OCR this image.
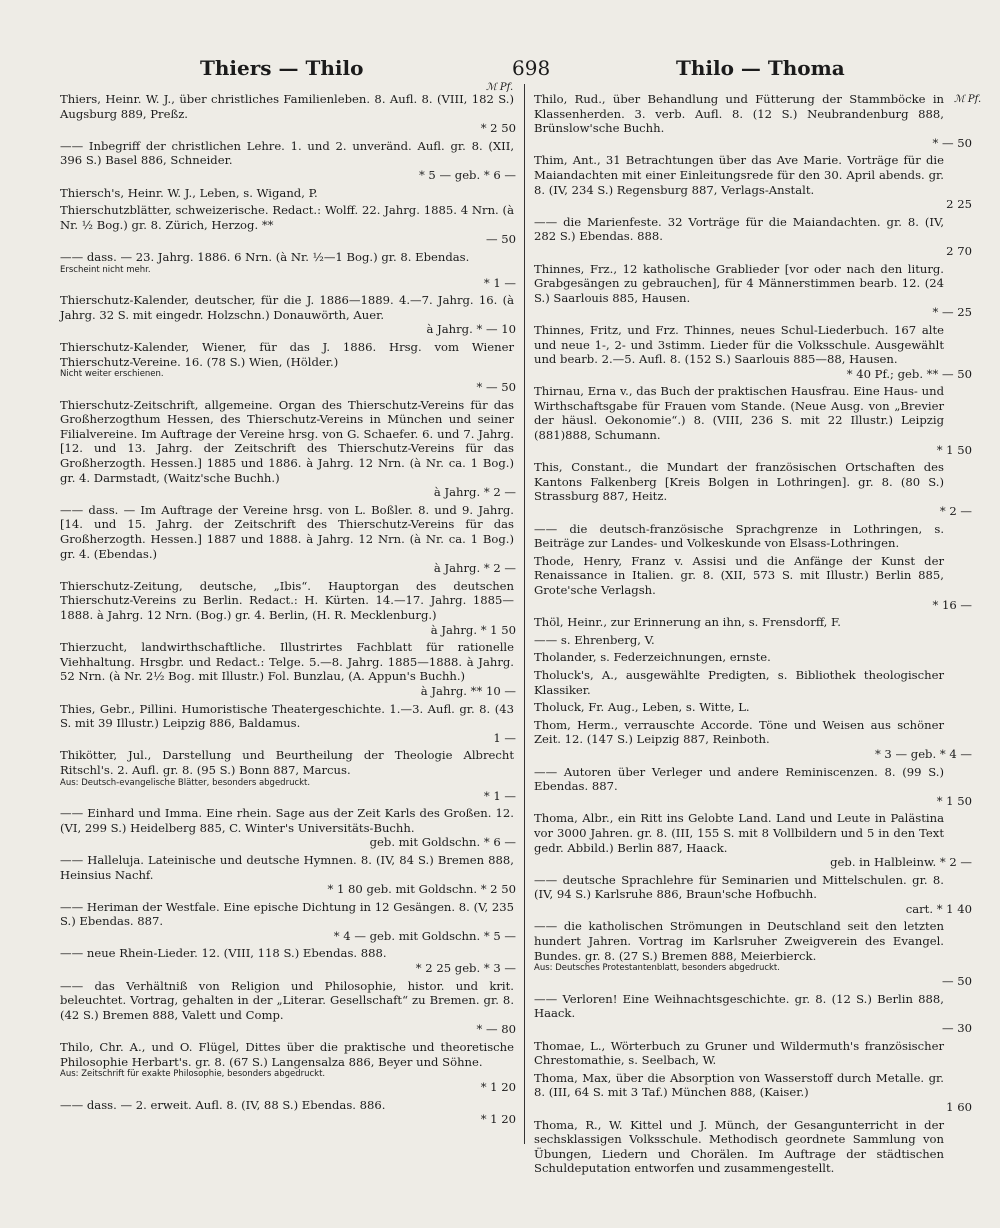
Thiers — Thilo	698	Thilo — Thoma
ℳ Pf.
ℳ Pf.
Thiers, Heinr. W. J., über christliches Familienleben. 8. Aufl. 8. (VIII, 182 S.) Augsburg 889, Preßz.
* 2 50
—— Inbegriff der christlichen Lehre. 1. und 2. unveränd. Aufl. gr. 8. (XII, 396 S.) Basel 886, Schneider.
* 5 — geb. * 6 —
Thiersch's, Heinr. W. J., Leben, s. Wigand, P.
Thierschutzblätter, schweizerische. Redact.: Wolff. 22. Jahrg. 1885. 4 Nrn. (à Nr. ½ Bog.) gr. 8. Zürich, Herzog. **
— 50
—— dass. — 23. Jahrg. 1886. 6 Nrn. (à Nr. ½—1 Bog.) gr. 8. Ebendas.
Erscheint nicht mehr.
* 1 —
Thierschutz-Kalender, deutscher, für die J. 1886—1889. 4.—7. Jahrg. 16. (à Jahrg. 32 S. mit eingedr. Holzschn.) Donauwörth, Auer.
à Jahrg. * — 10
Thierschutz-Kalender, Wiener, für das J. 1886. Hrsg. vom Wiener Thierschutz-Vereine. 16. (78 S.) Wien, (Hölder.)
Nicht weiter erschienen.
* — 50
Thierschutz-Zeitschrift, allgemeine. Organ des Thierschutz-Vereins für das Großherzogthum Hessen, des Thierschutz-Vereins in München und seiner Filialvereine. Im Auftrage der Vereine hrsg. von G. Schaefer. 6. und 7. Jahrg. [12. und 13. Jahrg. der Zeitschrift des Thierschutz-Vereins für das Großherzogth. Hessen.] 1885 und 1886. à Jahrg. 12 Nrn. (à Nr. ca. 1 Bog.) gr. 4. Darmstadt, (Waitz'sche Buchh.)
à Jahrg. * 2 —
—— dass. — Im Auftrage der Vereine hrsg. von L. Boßler. 8. und 9. Jahrg. [14. und 15. Jahrg. der Zeitschrift des Thierschutz-Vereins für das Großherzogth. Hessen.] 1887 und 1888. à Jahrg. 12 Nrn. (à Nr. ca. 1 Bog.) gr. 4. (Ebendas.)
à Jahrg. * 2 —
Thierschutz-Zeitung, deutsche, „Ibis“. Hauptorgan des deutschen Thierschutz-Vereins zu Berlin. Redact.: H. Kürten. 14.—17. Jahrg. 1885—1888. à Jahrg. 12 Nrn. (Bog.) gr. 4. Berlin, (H. R. Mecklenburg.)
à Jahrg. * 1 50
Thierzucht, landwirthschaftliche. Illustrirtes Fachblatt für rationelle Viehhaltung. Hrsgbr. und Redact.: Telge. 5.—8. Jahrg. 1885—1888. à Jahrg. 52 Nrn. (à Nr. 2½ Bog. mit Illustr.) Fol. Bunzlau, (A. Appun's Buchh.)
à Jahrg. ** 10 —
Thies, Gebr., Pillini. Humoristische Theatergeschichte. 1.—3. Aufl. gr. 8. (43 S. mit 39 Illustr.) Leipzig 886, Baldamus.
1 —
Thikötter, Jul., Darstellung und Beurtheilung der Theologie Albrecht Ritschl's. 2. Aufl. gr. 8. (95 S.) Bonn 887, Marcus.
Aus: Deutsch-evangelische Blätter, besonders abgedruckt.
* 1 —
—— Einhard und Imma. Eine rhein. Sage aus der Zeit Karls des Großen. 12. (VI, 299 S.) Heidelberg 885, C. Winter's Universitäts-Buchh.
geb. mit Goldschn. * 6 —
—— Halleluja. Lateinische und deutsche Hymnen. 8. (IV, 84 S.) Bremen 888, Heinsius Nachf.
* 1 80 geb. mit Goldschn. * 2 50
—— Heriman der Westfale. Eine epische Dichtung in 12 Gesängen. 8. (V, 235 S.) Ebendas. 887.
* 4 — geb. mit Goldschn. * 5 —
—— neue Rhein-Lieder. 12. (VIII, 118 S.) Ebendas. 888.
* 2 25 geb. * 3 —
—— das Verhältniß von Religion und Philosophie, histor. und krit. beleuchtet. Vortrag, gehalten in der „Literar. Gesellschaft“ zu Bremen. gr. 8. (42 S.) Bremen 888, Valett und Comp.
* — 80
Thilo, Chr. A., und O. Flügel, Dittes über die praktische und theoretische Philosophie Herbart's. gr. 8. (67 S.) Langensalza 886, Beyer und Söhne.
Aus: Zeitschrift für exakte Philosophie, besonders abgedruckt.
* 1 20
—— dass. — 2. erweit. Aufl. 8. (IV, 88 S.) Ebendas. 886.
* 1 20
Thilo, Rud., über Behandlung und Fütterung der Stammböcke in Klassenherden. 3. verb. Aufl. 8. (12 S.) Neubrandenburg 888, Brünslow'sche Buchh.
* — 50
Thim, Ant., 31 Betrachtungen über das Ave Marie. Vorträge für die Maiandachten mit einer Einleitungsrede für den 30. April abends. gr. 8. (IV, 234 S.) Regensburg 887, Verlags-Anstalt.
2 25
—— die Marienfeste. 32 Vorträge für die Maiandachten. gr. 8. (IV, 282 S.) Ebendas. 888.
2 70
Thinnes, Frz., 12 katholische Grablieder [vor oder nach den liturg. Grabgesängen zu gebrauchen], für 4 Männerstimmen bearb. 12. (24 S.) Saarlouis 885, Hausen.
* — 25
Thinnes, Fritz, und Frz. Thinnes, neues Schul-Liederbuch. 167 alte und neue 1-, 2- und 3stimm. Lieder für die Volksschule. Ausgewählt und bearb. 2.—5. Aufl. 8. (152 S.) Saarlouis 885—88, Hausen.
* 40 Pf.; geb. ** — 50
Thirnau, Erna v., das Buch der praktischen Hausfrau. Eine Haus- und Wirthschaftsgabe für Frauen vom Stande. (Neue Ausg. von „Brevier der häusl. Oekonomie“.) 8. (VIII, 236 S. mit 22 Illustr.) Leipzig (881)888, Schumann.
* 1 50
This, Constant., die Mundart der französischen Ortschaften des Kantons Falkenberg [Kreis Bolgen in Lothringen]. gr. 8. (80 S.) Strassburg 887, Heitz.
* 2 —
—— die deutsch-französische Sprachgrenze in Lothringen, s. Beiträge zur Landes- und Volkeskunde von Elsass-Lothringen.
Thode, Henry, Franz v. Assisi und die Anfänge der Kunst der Renaissance in Italien. gr. 8. (XII, 573 S. mit Illustr.) Berlin 885, Grote'sche Verlagsh.
* 16 —
Thöl, Heinr., zur Erinnerung an ihn, s. Frensdorff, F.
—— s. Ehrenberg, V.
Tholander, s. Federzeichnungen, ernste.
Tholuck's, A., ausgewählte Predigten, s. Bibliothek theologischer Klassiker.
Tholuck, Fr. Aug., Leben, s. Witte, L.
Thom, Herm., verrauschte Accorde. Töne und Weisen aus schöner Zeit. 12. (147 S.) Leipzig 887, Reinboth.
* 3 — geb. * 4 —
—— Autoren über Verleger und andere Reminiscenzen. 8. (99 S.) Ebendas. 887.
* 1 50
Thoma, Albr., ein Ritt ins Gelobte Land. Land und Leute in Palästina vor 3000 Jahren. gr. 8. (III, 155 S. mit 8 Vollbildern und 5 in den Text gedr. Abbild.) Berlin 887, Haack.
geb. in Halbleinw. * 2 —
—— deutsche Sprachlehre für Seminarien und Mittelschulen. gr. 8. (IV, 94 S.) Karlsruhe 886, Braun'sche Hofbuchh.
cart. * 1 40
—— die katholischen Strömungen in Deutschland seit den letzten hundert Jahren. Vortrag im Karlsruher Zweigverein des Evangel. Bundes. gr. 8. (27 S.) Bremen 888, Meierbierck.
Aus: Deutsches Protestantenblatt, besonders abgedruckt.
— 50
—— Verloren! Eine Weihnachtsgeschichte. gr. 8. (12 S.) Berlin 888, Haack.
— 30
Thomae, L., Wörterbuch zu Gruner und Wildermuth's französischer Chrestomathie, s. Seelbach, W.
Thoma, Max, über die Absorption von Wasserstoff durch Metalle. gr. 8. (III, 64 S. mit 3 Taf.) München 888, (Kaiser.)
1 60
Thoma, R., W. Kittel und J. Münch, der Gesangunterricht in der sechsklassigen Volksschule. Methodisch geordnete Sammlung von Übungen, Liedern und Chorälen. Im Auftrage der städtischen Schuldeputation entworfen und zusammengestellt.
